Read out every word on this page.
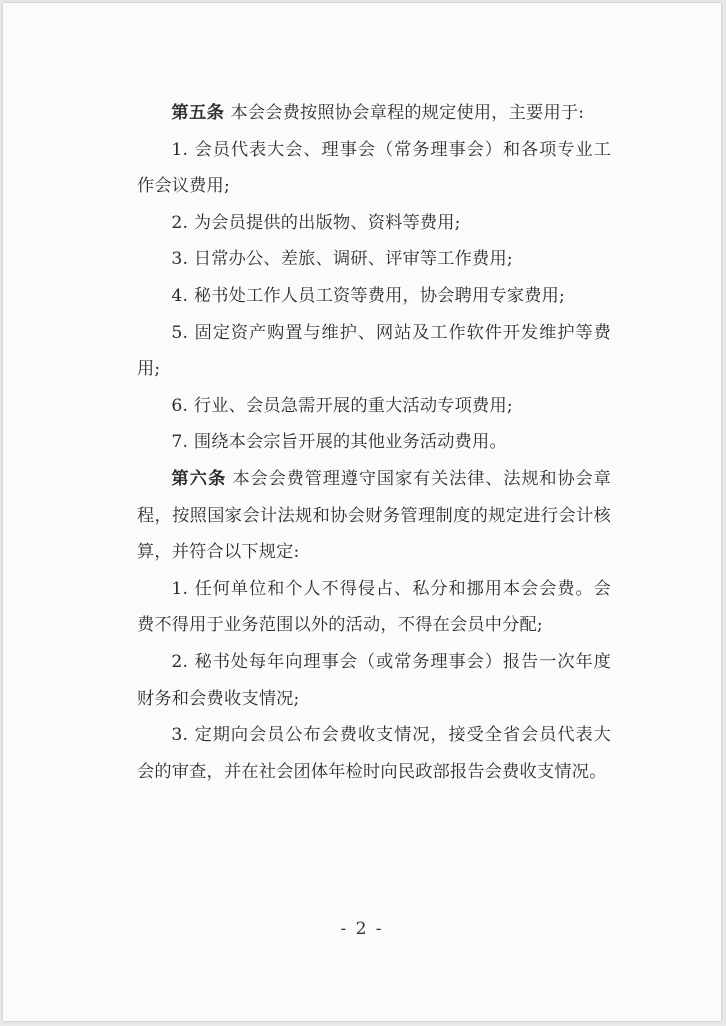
第五条 本会会费按照协会章程的规定使用，主要用于:

1. 会员代表大会、理事会（常务理事会）和各项专业工作会议费用;

2. 为会员提供的出版物、资料等费用;

3. 日常办公、差旅、调研、评审等工作费用;

4. 秘书处工作人员工资等费用，协会聘用专家费用;

5. 固定资产购置与维护、网站及工作软件开发维护等费用;

6. 行业、会员急需开展的重大活动专项费用;

7. 围绕本会宗旨开展的其他业务活动费用。

第六条 本会会费管理遵守国家有关法律、法规和协会章程，按照国家会计法规和协会财务管理制度的规定进行会计核算，并符合以下规定:

1. 任何单位和个人不得侵占、私分和挪用本会会费。会费不得用于业务范围以外的活动，不得在会员中分配;

2. 秘书处每年向理事会（或常务理事会）报告一次年度财务和会费收支情况;

3. 定期向会员公布会费收支情况，接受全省会员代表大会的审查，并在社会团体年检时向民政部报告会费收支情况。

- 2 -
